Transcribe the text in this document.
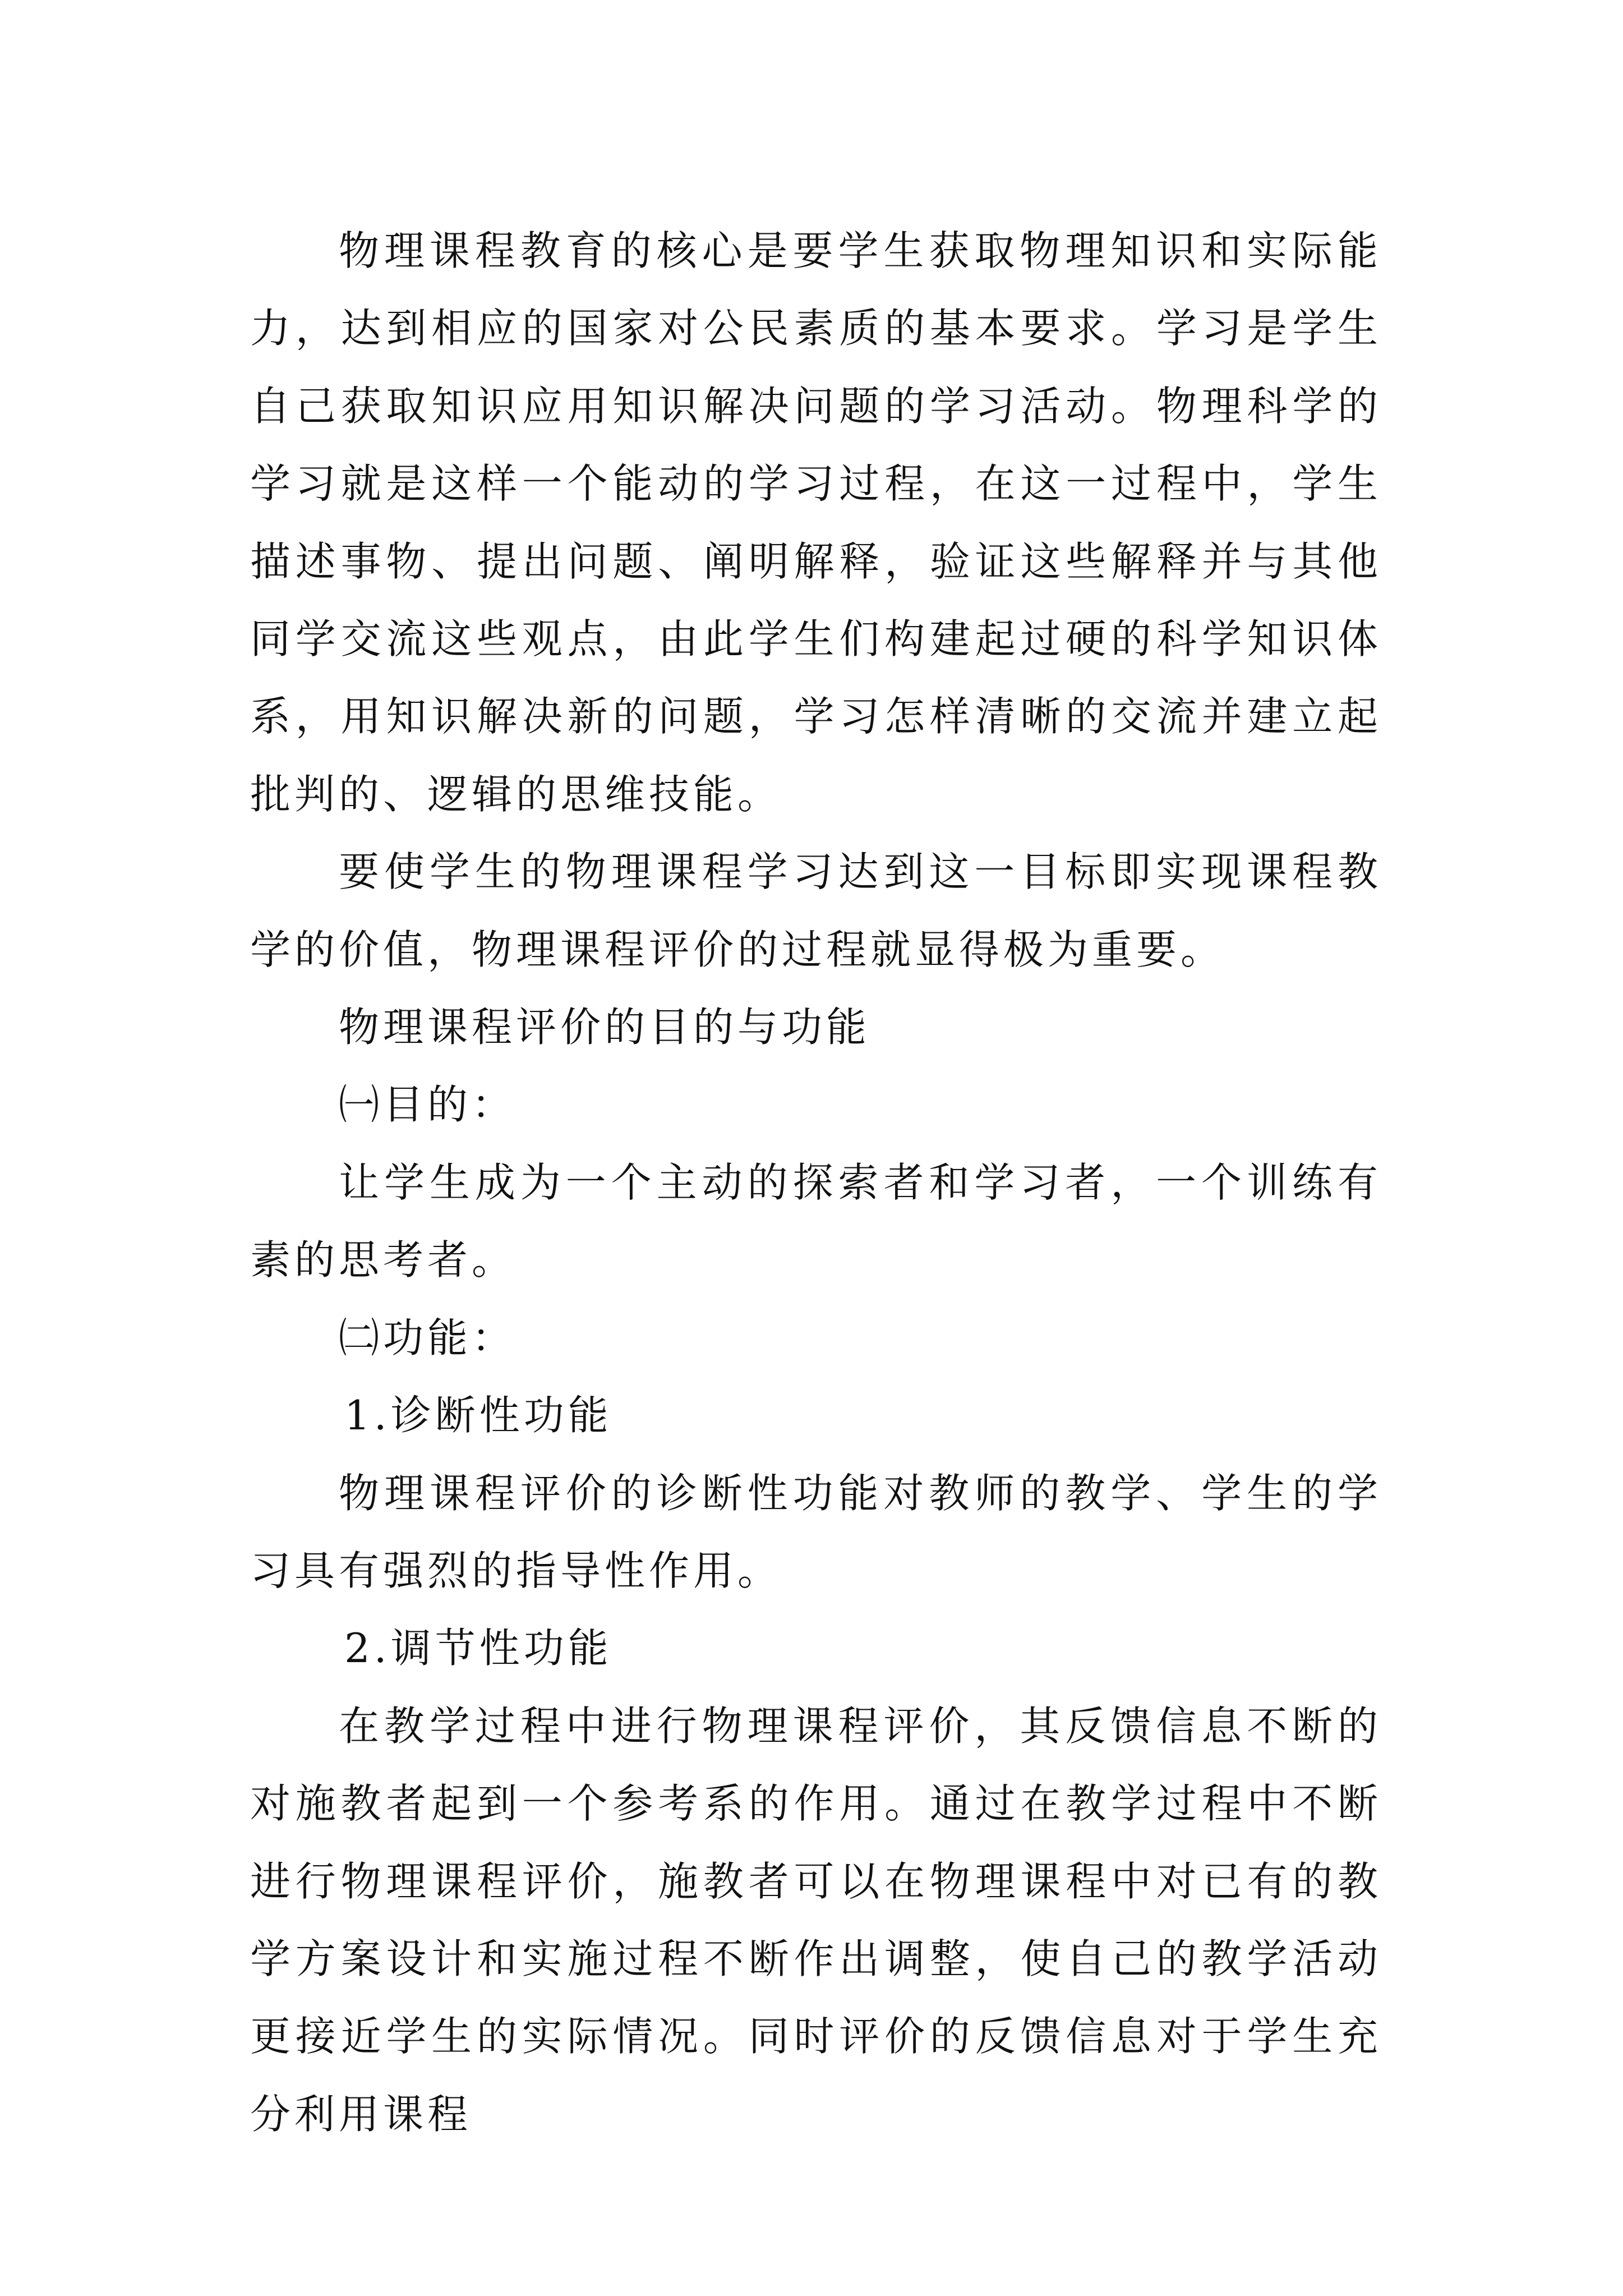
物理课程教育的核心是要学生获取物理知识和实际能力，达到相应的国家对公民素质的基本要求。学习是学生自己获取知识应用知识解决问题的学习活动。物理科学的学习就是这样一个能动的学习过程，在这一过程中，学生描述事物、提出问题、阐明解释，验证这些解释并与其他同学交流这些观点，由此学生们构建起过硬的科学知识体系，用知识解决新的问题，学习怎样清晰的交流并建立起批判的、逻辑的思维技能。

要使学生的物理课程学习达到这一目标即实现课程教学的价值，物理课程评价的过程就显得极为重要。

物理课程评价的目的与功能

㈠目的：

让学生成为一个主动的探索者和学习者，一个训练有素的思考者。

㈡功能：

1.诊断性功能

物理课程评价的诊断性功能对教师的教学、学生的学习具有强烈的指导性作用。

2.调节性功能

在教学过程中进行物理课程评价，其反馈信息不断的对施教者起到一个参考系的作用。通过在教学过程中不断进行物理课程评价，施教者可以在物理课程中对已有的教学方案设计和实施过程不断作出调整，使自己的教学活动更接近学生的实际情况。同时评价的反馈信息对于学生充分利用课程
